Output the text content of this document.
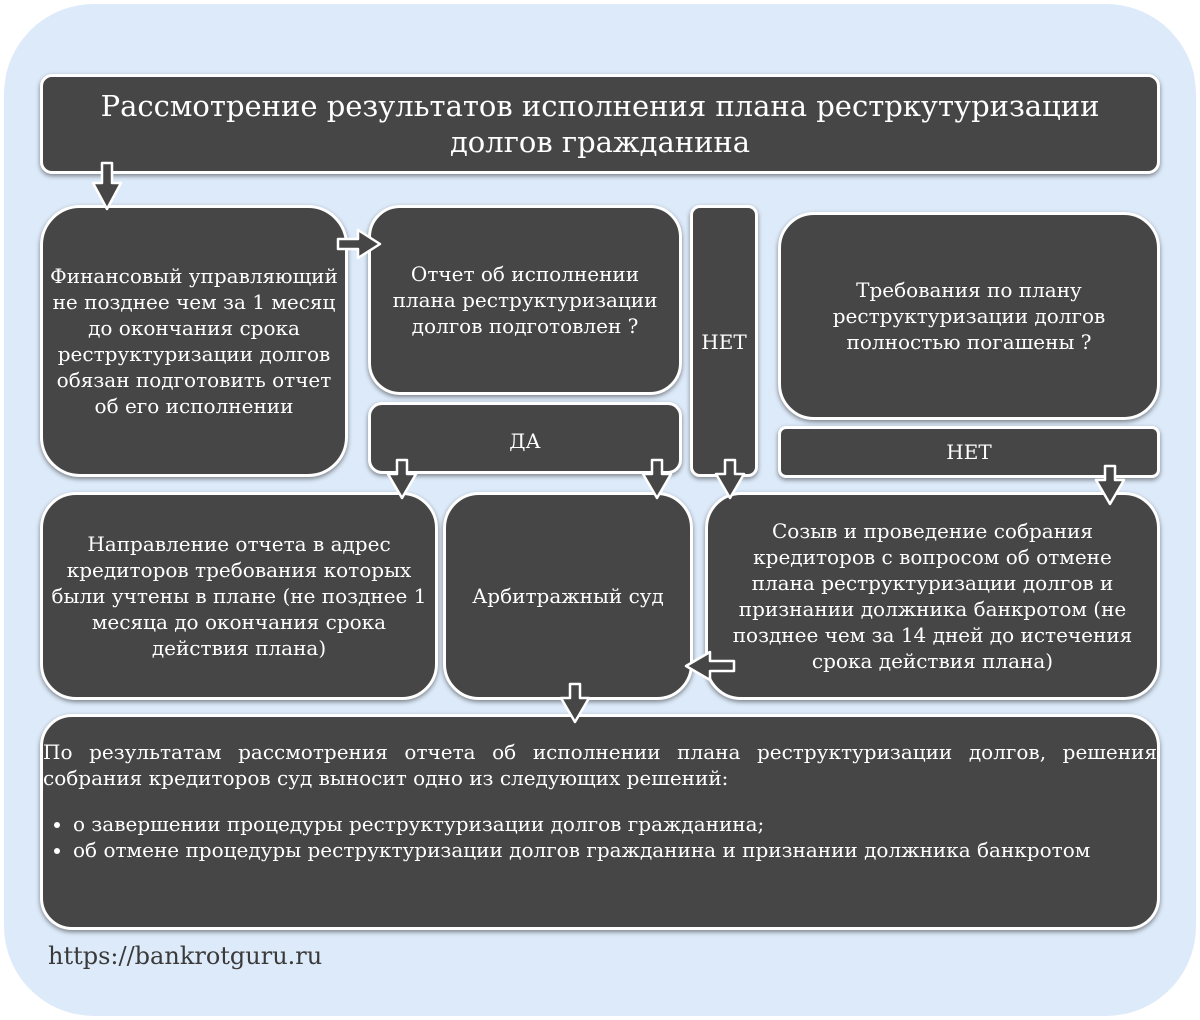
Рассмотрение результатов исполнения плана рестркутуризации долгов гражданина
Финансовый управляющий не позднее чем за 1 месяц до окончания срока реструктуризации долгов обязан подготовить отчет об его исполнении
Отчет об исполнении плана реструктуризации долгов подготовлен ?
ДА
НЕТ
Требования по плану реструктуризации долгов полностью погашены ?
НЕТ
Направление отчета в адрес кредиторов требования которых были учтены в плане (не позднее 1 месяца до окончания срока действия плана)
Арбитражный суд
Созыв и проведение собрания кредиторов с вопросом об отмене плана реструктуризации долгов и признании должника банкротом (не позднее чем за 14 дней до истечения срока действия плана)

По результатам рассмотрения отчета об исполнении плана реструктуризации долгов, решения собрания кредиторов суд выносит одно из следующих решений:

• о завершении процедуры реструктуризации долгов гражданина;
• об отмене процедуры реструктуризации долгов гражданина и признании должника банкротом
https://bankrotguru.ru
